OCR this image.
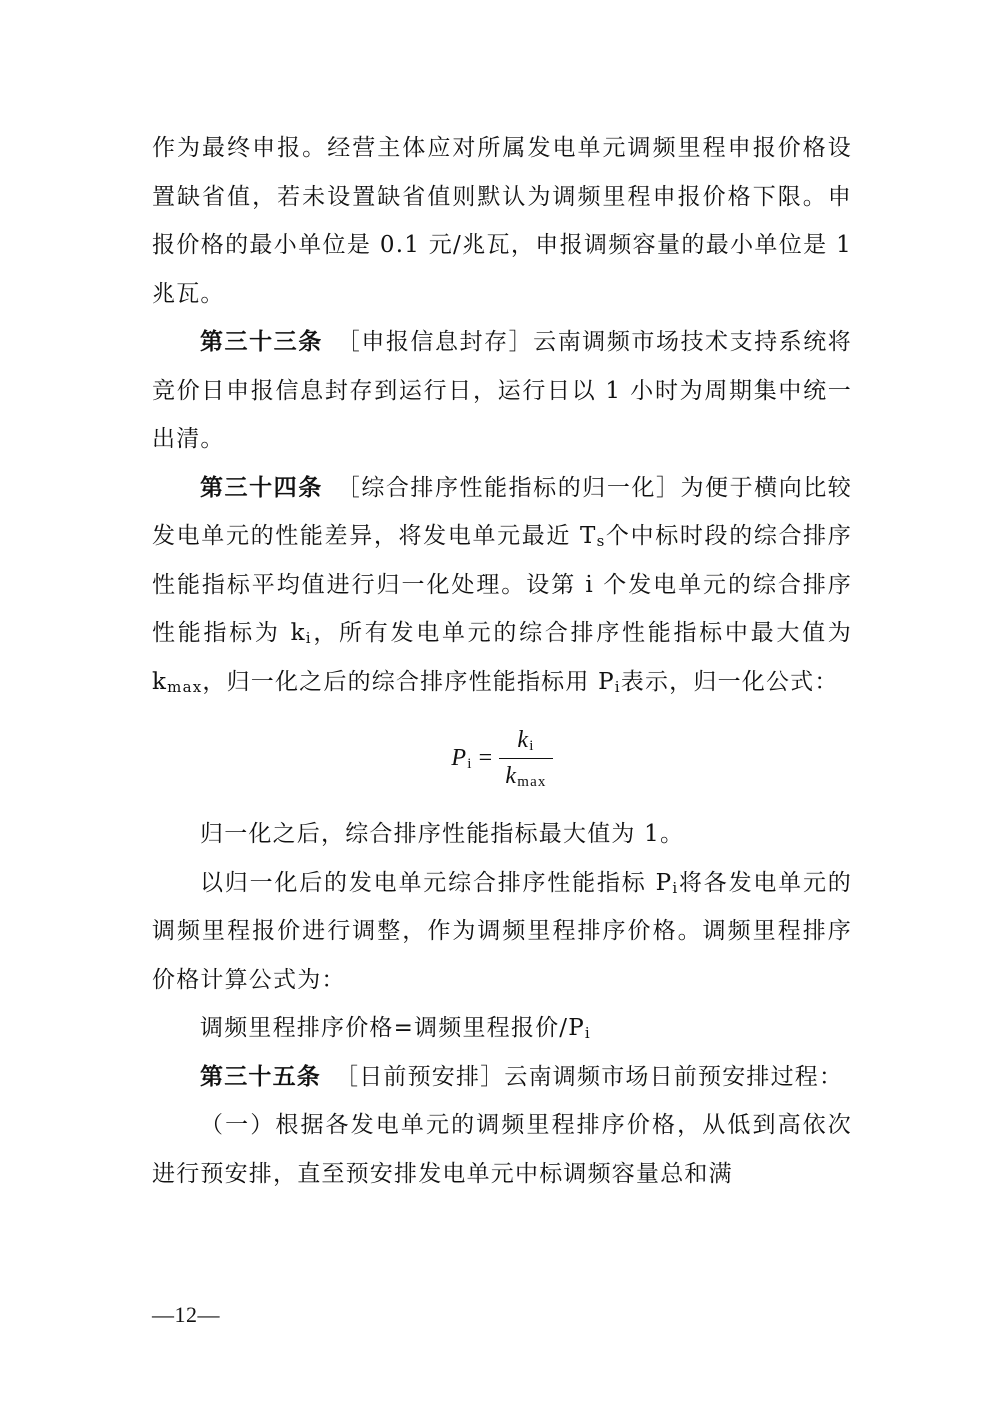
作为最终申报。经营主体应对所属发电单元调频里程申报价格设置缺省值，若未设置缺省值则默认为调频里程申报价格下限。申报价格的最小单位是 0.1 元/兆瓦，申报调频容量的最小单位是 1 兆瓦。

第三十三条 ［申报信息封存］云南调频市场技术支持系统将竞价日申报信息封存到运行日，运行日以 1 小时为周期集中统一出清。

第三十四条 ［综合排序性能指标的归一化］为便于横向比较发电单元的性能差异，将发电单元最近 $T_s$个中标时段的综合排序性能指标平均值进行归一化处理。设第 i 个发电单元的综合排序性能指标为 $k_i$，所有发电单元的综合排序性能指标中最大值为 $k_{max}$，归一化之后的综合排序性能指标用 $P_i$表示，归一化公式：

$P_i = \frac{k_i}{k_{max}}$

归一化之后，综合排序性能指标最大值为 1。

以归一化后的发电单元综合排序性能指标 $P_i$将各发电单元的调频里程报价进行调整，作为调频里程排序价格。调频里程排序价格计算公式为：

调频里程排序价格=调频里程报价$/P_i$

第三十五条 ［日前预安排］云南调频市场日前预安排过程：

（一）根据各发电单元的调频里程排序价格，从低到高依次进行预安排，直至预安排发电单元中标调频容量总和满

—12—
